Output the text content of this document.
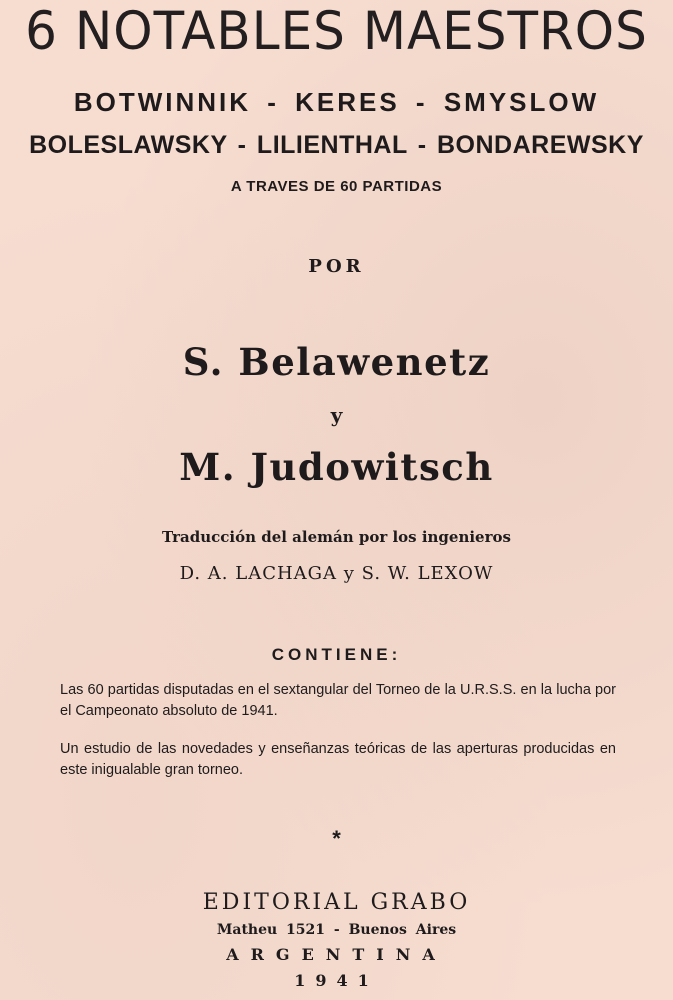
6 NOTABLES MAESTROS
BOTWINNIK - KERES - SMYSLOW
BOLESLAWSKY - LILIENTHAL - BONDAREWSKY
A TRAVES DE 60 PARTIDAS
POR
S. Belawenetz
y
M. Judowitsch
Traducción del alemán por los ingenieros
D. A. LACHAGA y S. W. LEXOW
CONTIENE:
Las 60 partidas disputadas en el sextangular del Torneo de la U.R.S.S. en la lucha por el Campeonato absoluto de 1941.
Un estudio de las novedades y enseñanzas teóricas de las aperturas producidas en este inigualable gran torneo.
*
EDITORIAL GRABO
Matheu 1521 - Buenos Aires
ARGENTINA
1941
